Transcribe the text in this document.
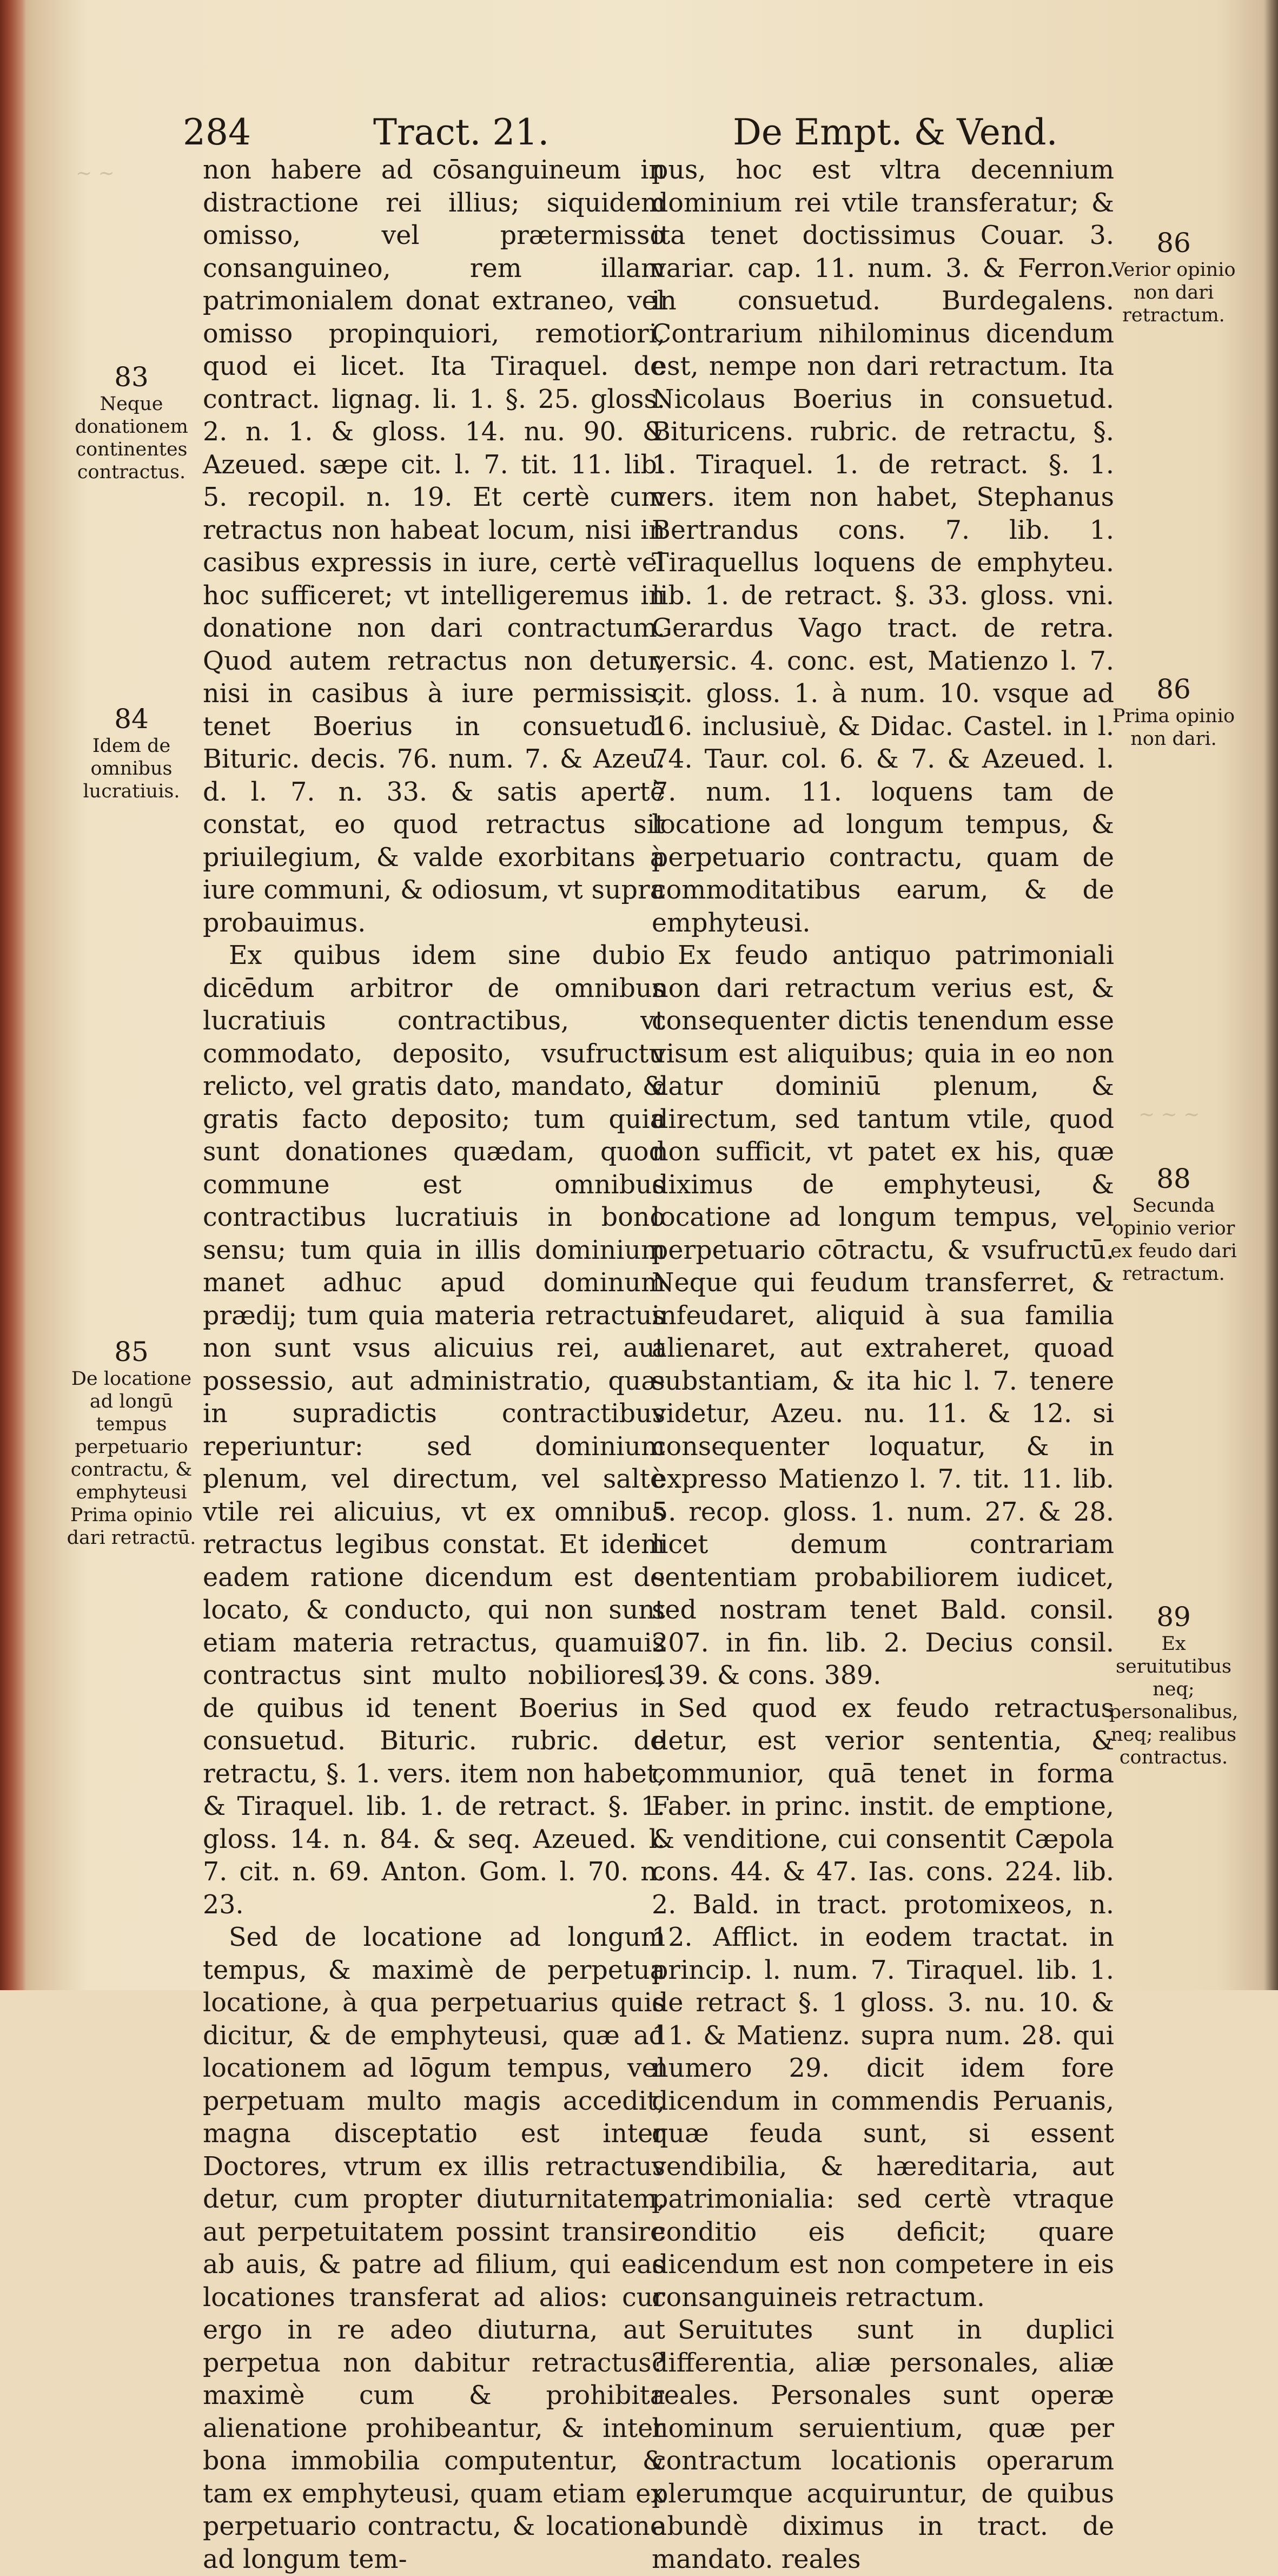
~ ~
~ ~ ~
284	Tract. 21.	De Empt. & Vend.

non habere ad cōsanguineum in distractione rei illius; siquidem omisso, vel prætermisso consanguineo, rem illam patrimonialem donat extraneo, vel omisso propinquiori, remotiori, quod ei licet. Ita Tiraquel. de contract. lignag. li. 1. §. 25. gloss. 2. n. 1. & gloss. 14. nu. 90. & Azeued. sæpe cit. l. 7. tit. 11. lib. 5. recopil. n. 19. Et certè cum retractus non habeat locum, nisi in casibus expressis in iure, certè vel hoc sufficeret; vt intelligeremus in donatione non dari contractum. Quod autem retractus non detur, nisi in casibus à iure permissis, tenet Boerius in consuetud. Bituric. decis. 76. num. 7. & Azeu. d. l. 7. n. 33. & satis apertè constat, eo quod retractus sit priuilegium, & valde exorbitans à iure communi, & odiosum, vt supra probauimus.

Ex quibus idem sine dubio dicēdum arbitror de omnibus lucratiuis contractibus, vt commodato, deposito, vsufructu relicto, vel gratis dato, mandato, & gratis facto deposito; tum quia sunt donationes quædam, quod commune est omnibus contractibus lucratiuis in bono sensu; tum quia in illis dominium manet adhuc apud dominum prædij; tum quia materia retractus non sunt vsus alicuius rei, aut possessio, aut administratio, quæ in supradictis contractibus reperiuntur: sed dominium plenum, vel directum, vel saltè vtile rei alicuius, vt ex omnibus retractus legibus constat. Et idem eadem ratione dicendum est de locato, & conducto, qui non sunt etiam materia retractus, quamuis contractus sint multo nobiliores, de quibus id tenent Boerius in consuetud. Bituric. rubric. de retractu, §. 1. vers. item non habet, & Tiraquel. lib. 1. de retract. §. 1. gloss. 14. n. 84. & seq. Azeued. l. 7. cit. n. 69. Anton. Gom. l. 70. n. 23.

Sed de locatione ad longum tempus, & maximè de perpetua locatione, à qua perpetuarius quis dicitur, & de emphyteusi, quæ ad locationem ad lōgum tempus, vel perpetuam multo magis accedit, magna disceptatio est inter Doctores, vtrum ex illis retractus detur, cum propter diuturnitatem, aut perpetuitatem possint transire ab auis, & patre ad filium, qui eas locationes transferat ad alios: cur ergo in re adeo diuturna, aut perpetua non dabitur retractus? maximè cum & prohibita alienatione prohibeantur, & inter bona immobilia computentur, & tam ex emphyteusi, quam etiam ex perpetuario contractu, & locatione ad longum tem-

pus, hoc est vltra decennium dominium rei vtile transferatur; & ita tenet doctissimus Couar. 3. variar. cap. 11. num. 3. & Ferron. in consuetud. Burdegalens. Contrarium nihilominus dicendum est, nempe non dari retractum. Ita Nicolaus Boerius in consuetud. Bituricens. rubric. de retractu, §. 1. Tiraquel. 1. de retract. §. 1. vers. item non habet, Stephanus Bertrandus cons. 7. lib. 1. Tiraquellus loquens de emphyteu. lib. 1. de retract. §. 33. gloss. vni. Gerardus Vago tract. de retra. versic. 4. conc. est, Matienzo l. 7. cit. gloss. 1. à num. 10. vsque ad 16. inclusiuè, & Didac. Castel. in l. 74. Taur. col. 6. & 7. & Azeued. l. 7. num. 11. loquens tam de locatione ad longum tempus, & perpetuario contractu, quam de commoditatibus earum, & de emphyteusi.

Ex feudo antiquo patrimoniali non dari retractum verius est, & consequenter dictis tenendum esse visum est aliquibus; quia in eo non datur dominiū plenum, & directum, sed tantum vtile, quod non sufficit, vt patet ex his, quæ diximus de emphyteusi, & locatione ad longum tempus, vel perpetuario cōtractu, & vsufructū. Neque qui feudum transferret, & infeudaret, aliquid à sua familia alienaret, aut extraheret, quoad substantiam, & ita hic l. 7. tenere videtur, Azeu. nu. 11. & 12. si consequenter loquatur, & in expresso Matienzo l. 7. tit. 11. lib. 5. recop. gloss. 1. num. 27. & 28. licet demum contrariam sententiam probabiliorem iudicet, sed nostram tenet Bald. consil. 207. in fin. lib. 2. Decius consil. 139. & cons. 389.

Sed quod ex feudo retractus detur, est verior sententia, & communior, quā tenet in forma Faber. in princ. instit. de emptione, & venditione, cui consentit Cæpola cons. 44. & 47. Ias. cons. 224. lib. 2. Bald. in tract. protomixeos, n. 12. Afflict. in eodem tractat. in princip. l. num. 7. Tiraquel. lib. 1. de retract §. 1 gloss. 3. nu. 10. & 11. & Matienz. supra num. 28. qui numero 29. dicit idem fore dicendum in commendis Peruanis, quæ feuda sunt, si essent vendibilia, & hæreditaria, aut patrimonialia: sed certè vtraque conditio eis deficit; quare dicendum est non competere in eis consanguineis retractum.

Seruitutes sunt in duplici differentia, aliæ personales, aliæ reales. Personales sunt operæ hominum seruientium, quæ per contractum locationis operarum plerumque acquiruntur, de quibus abundè diximus in tract. de mandato. reales

83
Neque donationem continentes contractus.
84
Idem de omnibus lucratiuis.
85
De locatione ad longū tempus perpetuario contractu, & emphyteusi Prima opinio dari retractū.
86
Verior opinio non dari retractum.
86
Prima opinio non dari.
88
Secunda opinio verior ex feudo dari retractum.
89
Ex seruitutibus neq; personalibus, neq; realibus contractus.
